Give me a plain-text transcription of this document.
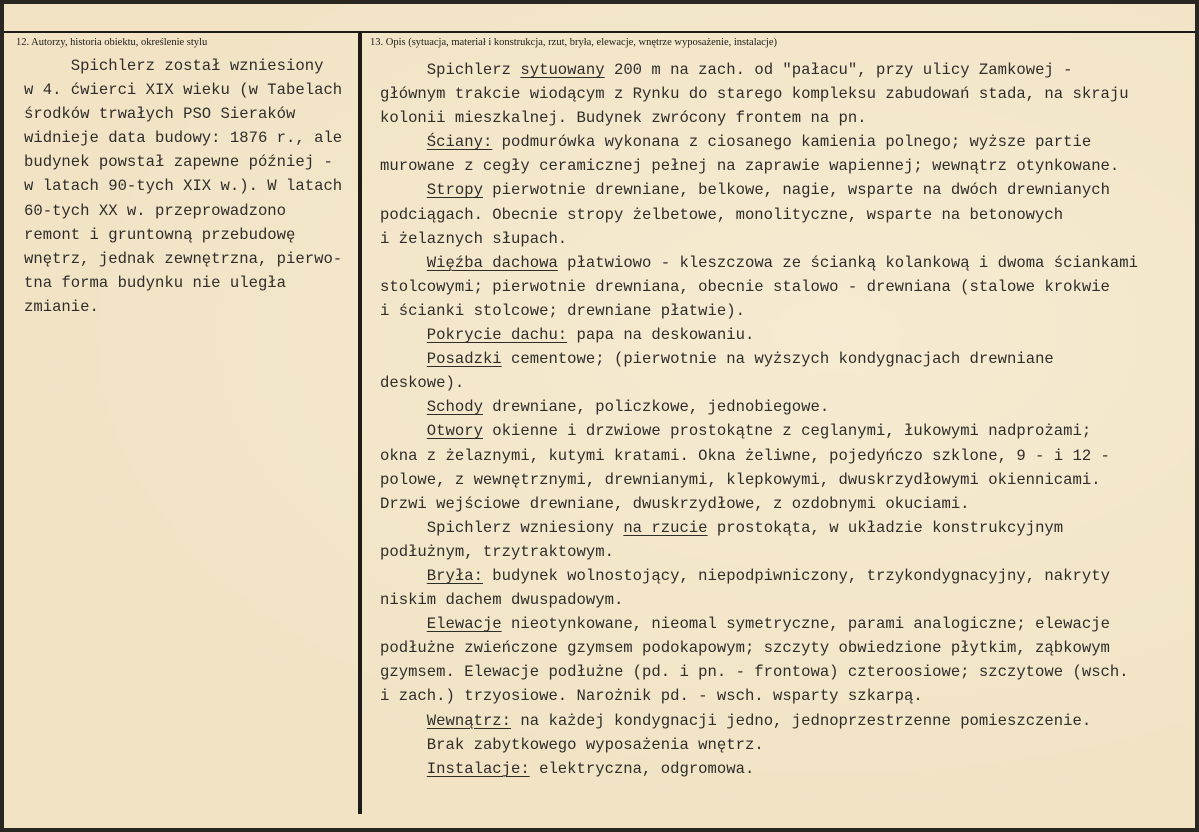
12. Autorzy, historia obiektu, określenie stylu	13. Opis (sytuacja, materiał i konstrukcja, rzut, bryła, elewacje, wnętrze wyposażenie, instalacje)
Spichlerz został wzniesiony
w 4. ćwierci XIX wieku (w Tabelach
środków trwałych PSO Sieraków
widnieje data budowy: 1876 r., ale
budynek powstał zapewne później -
w latach 90-tych XIX w.). W latach
60-tych XX w. przeprowadzono
remont i gruntowną przebudowę
wnętrz, jednak zewnętrzna, pierwo-
tna forma budynku nie uległa
zmianie.
Spichlerz sytuowany 200 m na zach. od "pałacu", przy ulicy Zamkowej -
głównym trakcie wiodącym z Rynku do starego kompleksu zabudowań stada, na skraju
kolonii mieszkalnej. Budynek zwrócony frontem na pn.
Ściany: podmurówka wykonana z ciosanego kamienia polnego; wyższe partie
murowane z cegły ceramicznej pełnej na zaprawie wapiennej; wewnątrz otynkowane.
Stropy pierwotnie drewniane, belkowe, nagie, wsparte na dwóch drewnianych
podciągach. Obecnie stropy żelbetowe, monolityczne, wsparte na betonowych
i żelaznych słupach.
Więźba dachowa płatwiowo - kleszczowa ze ścianką kolankową i dwoma ściankami
stolcowymi; pierwotnie drewniana, obecnie stalowo - drewniana (stalowe krokwie
i ścianki stolcowe; drewniane płatwie).
Pokrycie dachu: papa na deskowaniu.
Posadzki cementowe; (pierwotnie na wyższych kondygnacjach drewniane
deskowe).
Schody drewniane, policzkowe, jednobiegowe.
Otwory okienne i drzwiowe prostokątne z ceglanymi, łukowymi nadprożami;
okna z żelaznymi, kutymi kratami. Okna żeliwne, pojedyńczo szklone, 9 - i 12 -
polowe, z wewnętrznymi, drewnianymi, klepkowymi, dwuskrzydłowymi okiennicami.
Drzwi wejściowe drewniane, dwuskrzydłowe, z ozdobnymi okuciami.
Spichlerz wzniesiony na rzucie prostokąta, w układzie konstrukcyjnym
podłużnym, trzytraktowym.
Bryła: budynek wolnostojący, niepodpiwniczony, trzykondygnacyjny, nakryty
niskim dachem dwuspadowym.
Elewacje nieotynkowane, nieomal symetryczne, parami analogiczne; elewacje
podłużne zwieńczone gzymsem podokapowym; szczyty obwiedzione płytkim, ząbkowym
gzymsem. Elewacje podłużne (pd. i pn. - frontowa) czteroosiowe; szczytowe (wsch.
i zach.) trzyosiowe. Narożnik pd. - wsch. wsparty szkarpą.
Wewnątrz: na każdej kondygnacji jedno, jednoprzestrzenne pomieszczenie.
Brak zabytkowego wyposażenia wnętrz.
Instalacje: elektryczna, odgromowa.
